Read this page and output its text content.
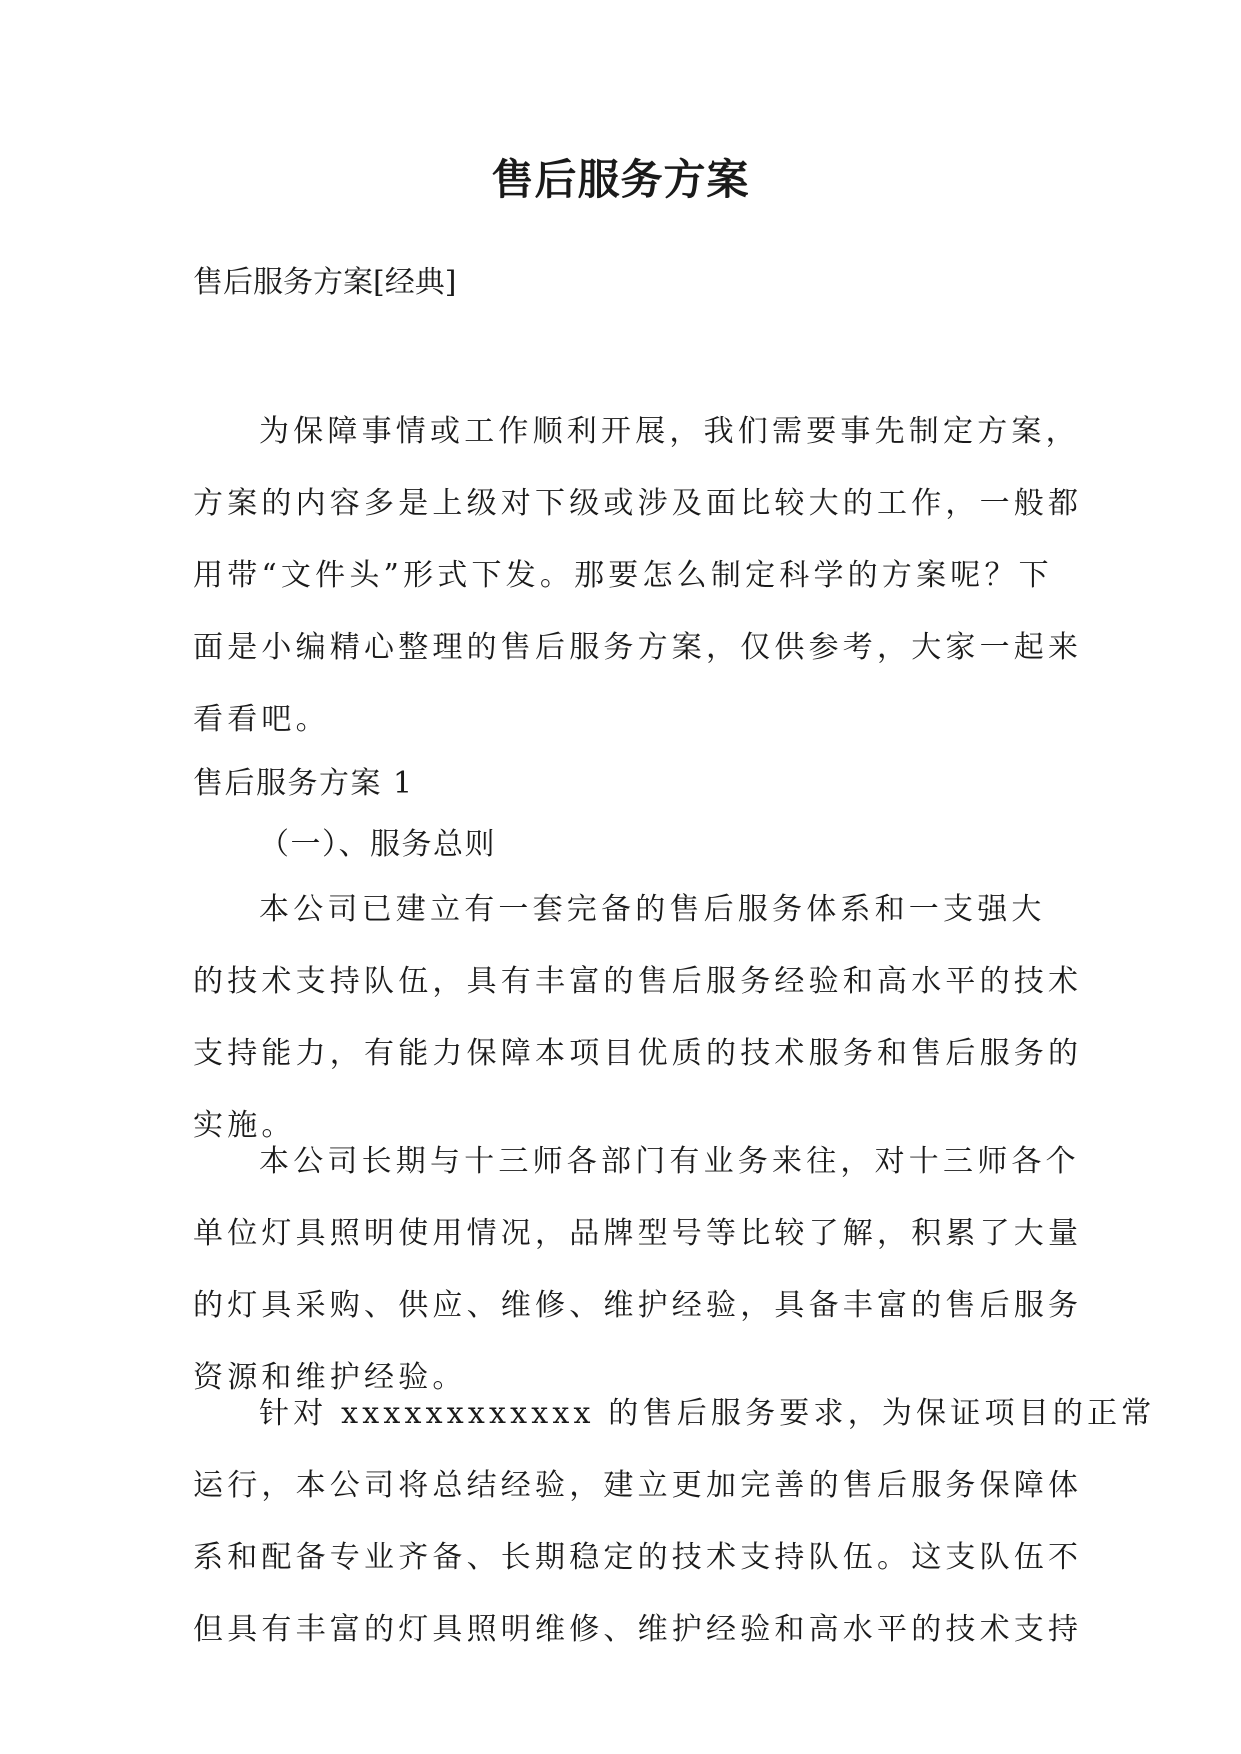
售后服务方案

售后服务方案[经典]

为保障事情或工作顺利开展，我们需要事先制定方案，
方案的内容多是上级对下级或涉及面比较大的工作，一般都
用带“文件头”形式下发。那要怎么制定科学的方案呢？下
面是小编精心整理的售后服务方案，仅供参考，大家一起来
看看吧。

售后服务方案 1

（一）、服务总则

本公司已建立有一套完备的售后服务体系和一支强大
的技术支持队伍，具有丰富的售后服务经验和高水平的技术
支持能力，有能力保障本项目优质的技术服务和售后服务的
实施。
本公司长期与十三师各部门有业务来往，对十三师各个
单位灯具照明使用情况，品牌型号等比较了解，积累了大量
的灯具采购、供应、维修、维护经验，具备丰富的售后服务
资源和维护经验。
针对 xxxxxxxxxxxx 的售后服务要求，为保证项目的正常
运行，本公司将总结经验，建立更加完善的售后服务保障体
系和配备专业齐备、长期稳定的技术支持队伍。这支队伍不
但具有丰富的灯具照明维修、维护经验和高水平的技术支持
